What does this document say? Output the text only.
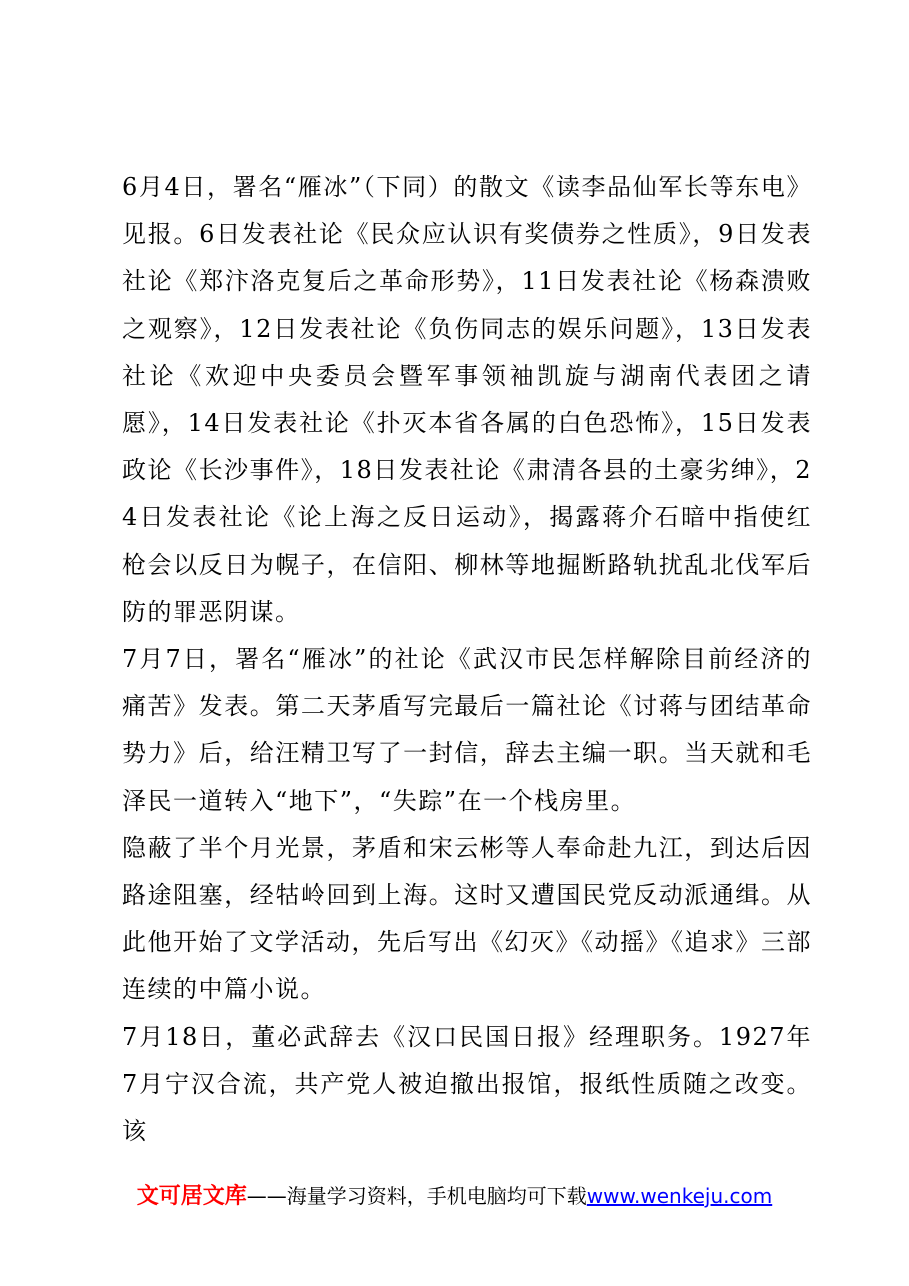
6月4日，署名“雁冰”（下同）的散文《读李品仙军长等东电》见报。6日发表社论《民众应认识有奖债券之性质》，9日发表社论《郑汴洛克复后之革命形势》，11日发表社论《杨森溃败之观察》，12日发表社论《负伤同志的娱乐问题》，13日发表社论《欢迎中央委员会暨军事领袖凯旋与湖南代表团之请愿》，14日发表社论《扑灭本省各属的白色恐怖》，15日发表政论《长沙事件》，18日发表社论《肃清各县的土豪劣绅》，24日发表社论《论上海之反日运动》，揭露蒋介石暗中指使红枪会以反日为幌子，在信阳、柳林等地掘断路轨扰乱北伐军后防的罪恶阴谋。

7月7日，署名“雁冰”的社论《武汉市民怎样解除目前经济的痛苦》发表。第二天茅盾写完最后一篇社论《讨蒋与团结革命势力》后，给汪精卫写了一封信，辞去主编一职。当天就和毛泽民一道转入“地下”，“失踪”在一个栈房里。

隐蔽了半个月光景，茅盾和宋云彬等人奉命赴九江，到达后因路途阻塞，经牯岭回到上海。这时又遭国民党反动派通缉。从此他开始了文学活动，先后写出《幻灭》《动摇》《追求》三部连续的中篇小说。

7月18日，董必武辞去《汉口民国日报》经理职务。1927年7月宁汉合流，共产党人被迫撤出报馆，报纸性质随之改变。该

文可居文库——海量学习资料，手机电脑均可下载www.wenkeju.com
